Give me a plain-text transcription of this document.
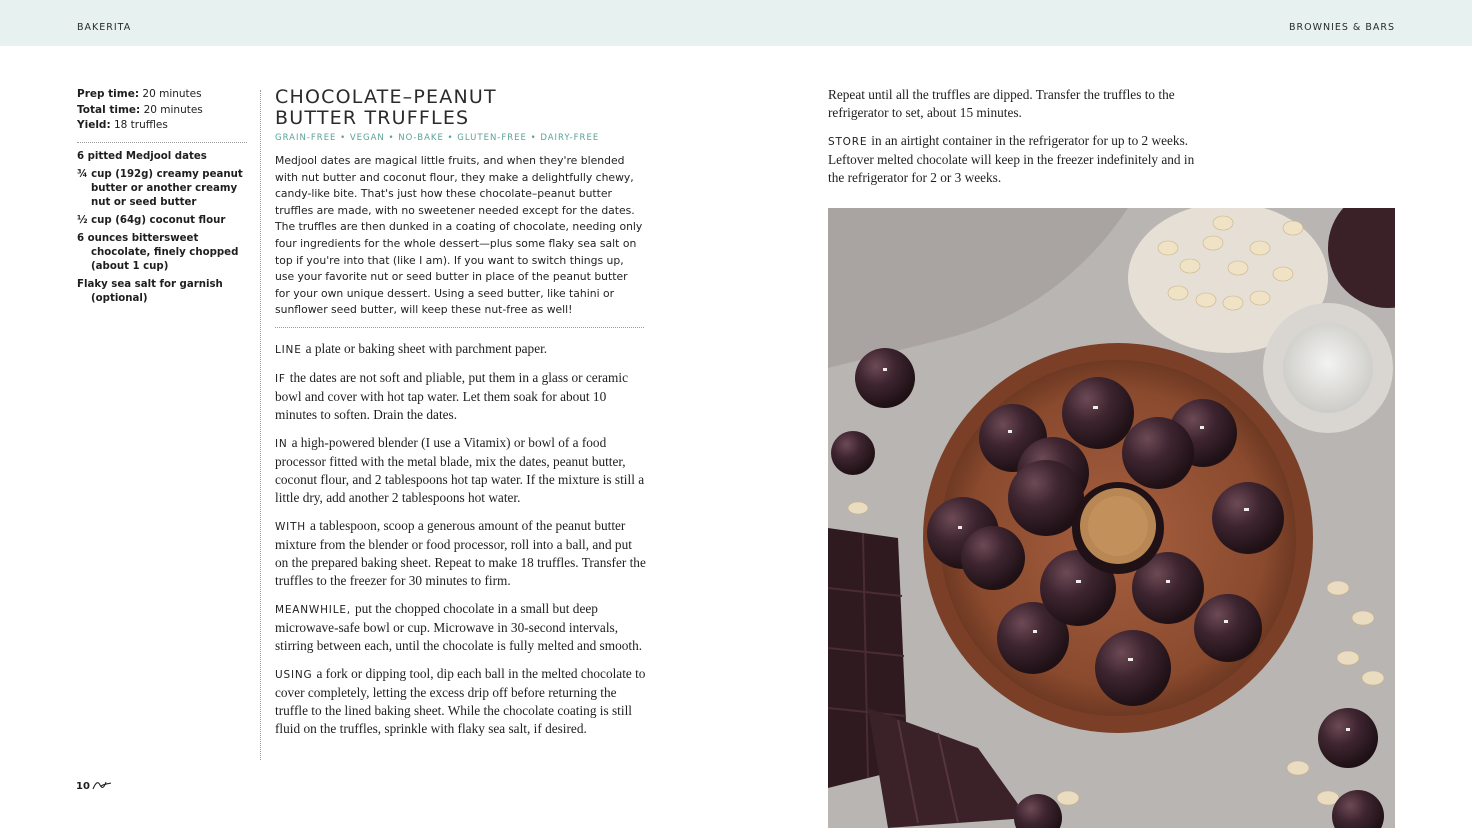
BAKERITA	BROWNIES & BARS
Prep time: 20 minutes
Total time: 20 minutes
Yield: 18 truffles
6 pitted Medjool dates
¾ cup (192g) creamy peanut butter or another creamy nut or seed butter
½ cup (64g) coconut flour
6 ounces bittersweet chocolate, finely chopped (about 1 cup)
Flaky sea salt for garnish (optional)
CHOCOLATE–PEANUT
BUTTER TRUFFLES
GRAIN-FREE • VEGAN • NO-BAKE • GLUTEN-FREE • DAIRY-FREE

Medjool dates are magical little fruits, and when they're blended with nut butter and coconut flour, they make a delightfully chewy, candy-like bite. That's just how these chocolate–peanut butter truffles are made, with no sweetener needed except for the dates. The truffles are then dunked in a coating of chocolate, needing only four ingredients for the whole dessert—plus some flaky sea salt on top if you're into that (like I am). If you want to switch things up, use your favorite nut or seed butter in place of the peanut butter for your own unique dessert. Using a seed butter, like tahini or sunflower seed butter, will keep these nut-free as well!

LINE a plate or baking sheet with parchment paper.

IF the dates are not soft and pliable, put them in a glass or ceramic bowl and cover with hot tap water. Let them soak for about 10 minutes to soften. Drain the dates.

IN a high-powered blender (I use a Vitamix) or bowl of a food processor fitted with the metal blade, mix the dates, peanut butter, coconut flour, and 2 tablespoons hot tap water. If the mixture is still a little dry, add another 2 tablespoons hot water.

WITH a tablespoon, scoop a generous amount of the peanut butter mixture from the blender or food processor, roll into a ball, and put on the prepared baking sheet. Repeat to make 18 truffles. Transfer the truffles to the freezer for 30 minutes to firm.

MEANWHILE, put the chopped chocolate in a small but deep microwave-safe bowl or cup. Microwave in 30-second intervals, stirring between each, until the chocolate is fully melted and smooth.

USING a fork or dipping tool, dip each ball in the melted chocolate to cover completely, letting the excess drip off before returning the truffle to the lined baking sheet. While the chocolate coating is still fluid on the truffles, sprinkle with flaky sea salt, if desired.

10

Repeat until all the truffles are dipped. Transfer the truffles to the refrigerator to set, about 15 minutes.

STORE in an airtight container in the refrigerator for up to 2 weeks. Leftover melted chocolate will keep in the freezer indefinitely and in the refrigerator for 2 or 3 weeks.
